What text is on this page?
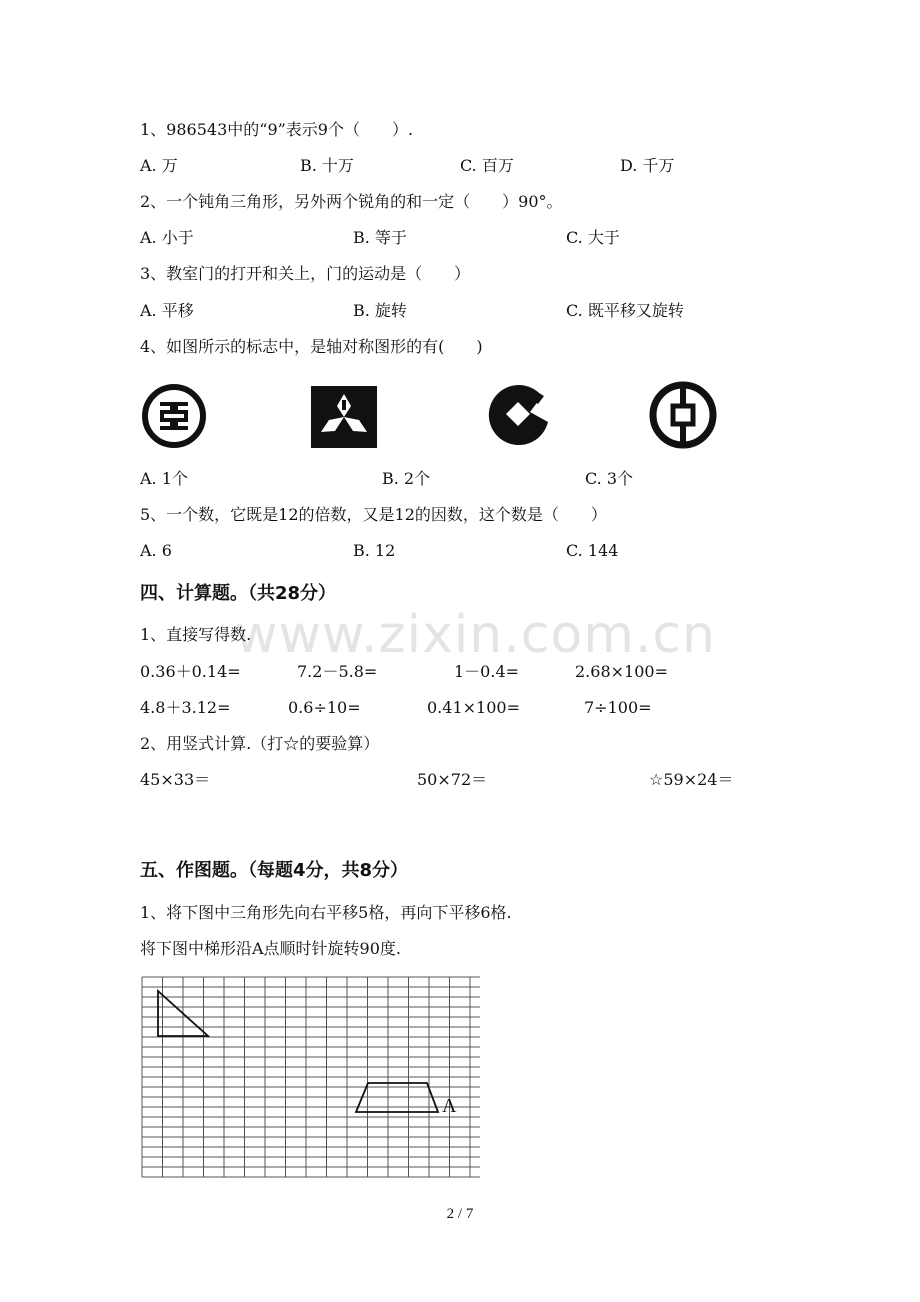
www.zixin.com.cn
1、986543中的“9”表示9个（　　）.
A. 万	B. 十万	C. 百万	D. 千万
2、一个钝角三角形，另外两个锐角的和一定（　　）90°。
A. 小于	B. 等于	C. 大于
3、教室门的打开和关上，门的运动是（　　）
A. 平移	B. 旋转	C. 既平移又旋转
4、如图所示的标志中，是轴对称图形的有(　　)
A. 1个	B. 2个	C. 3个
5、一个数，它既是12的倍数，又是12的因数，这个数是（　　）
A. 6	B. 12	C. 144
四、计算题。（共28分）
1、直接写得数.
0.36＋0.14=	7.2－5.8=	1－0.4=	2.68×100=
4.8＋3.12=	0.6÷10=	0.41×100=	7÷100=
2、用竖式计算.（打☆的要验算）
45×33＝	50×72＝	☆59×24＝
五、作图题。（每题4分，共8分）
1、将下图中三角形先向右平移5格，再向下平移6格.
将下图中梯形沿A点顺时针旋转90度.
A
2 / 7
